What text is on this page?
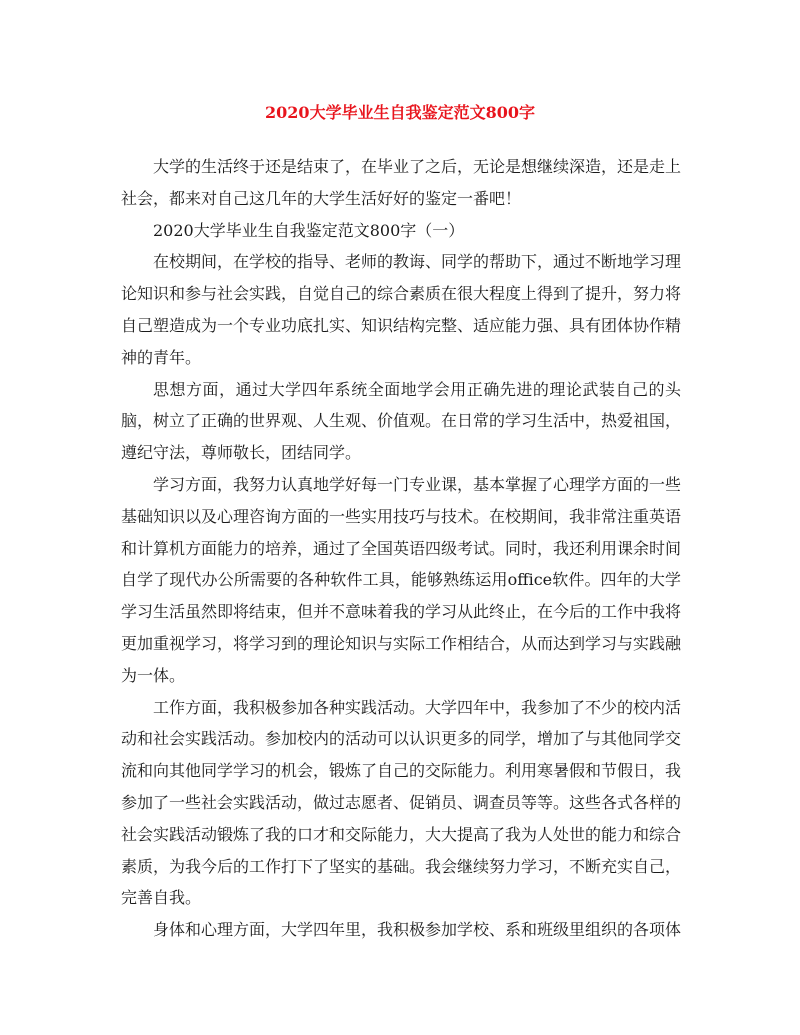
2020大学毕业生自我鉴定范文800字

大学的生活终于还是结束了，在毕业了之后，无论是想继续深造，还是走上社会，都来对自己这几年的大学生活好好的鉴定一番吧！

2020大学毕业生自我鉴定范文800字（一）

在校期间，在学校的指导、老师的教诲、同学的帮助下，通过不断地学习理论知识和参与社会实践，自觉自己的综合素质在很大程度上得到了提升，努力将自己塑造成为一个专业功底扎实、知识结构完整、适应能力强、具有团体协作精神的青年。

思想方面，通过大学四年系统全面地学会用正确先进的理论武装自己的头脑，树立了正确的世界观、人生观、价值观。在日常的学习生活中，热爱祖国，遵纪守法，尊师敬长，团结同学。

学习方面，我努力认真地学好每一门专业课，基本掌握了心理学方面的一些基础知识以及心理咨询方面的一些实用技巧与技术。在校期间，我非常注重英语和计算机方面能力的培养，通过了全国英语四级考试。同时，我还利用课余时间自学了现代办公所需要的各种软件工具，能够熟练运用office软件。四年的大学学习生活虽然即将结束，但并不意味着我的学习从此终止，在今后的工作中我将更加重视学习，将学习到的理论知识与实际工作相结合，从而达到学习与实践融为一体。

工作方面，我积极参加各种实践活动。大学四年中，我参加了不少的校内活动和社会实践活动。参加校内的活动可以认识更多的同学，增加了与其他同学交流和向其他同学学习的机会，锻炼了自己的交际能力。利用寒暑假和节假日，我参加了一些社会实践活动，做过志愿者、促销员、调查员等等。这些各式各样的社会实践活动锻炼了我的口才和交际能力，大大提高了我为人处世的能力和综合素质，为我今后的工作打下了坚实的基础。我会继续努力学习，不断充实自己，完善自我。

身体和心理方面，大学四年里，我积极参加学校、系和班级里组织的各项体
